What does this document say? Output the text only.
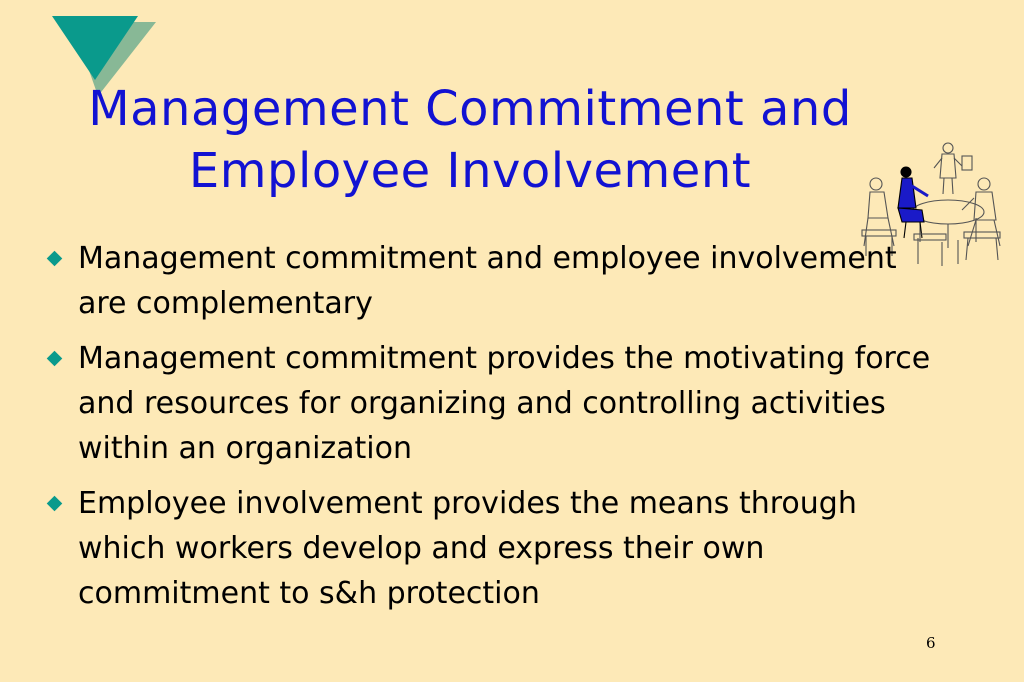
Management Commitment and
Employee Involvement
Management commitment and employee involvement are complementary
Management commitment provides the motivating force and resources for organizing and controlling activities within an organization
Employee involvement provides the means through which workers develop and express their own commitment to s&h protection
6
